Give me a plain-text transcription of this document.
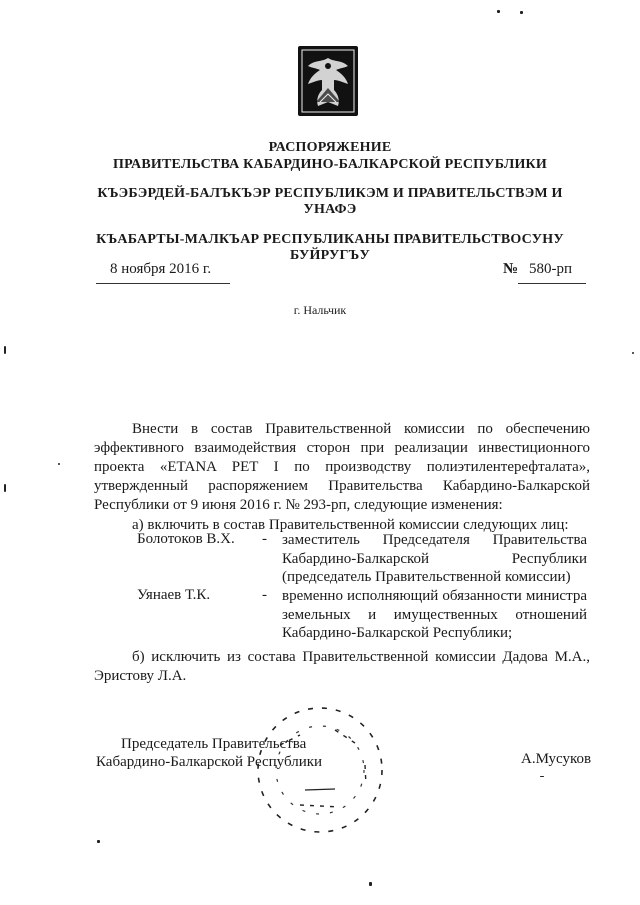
РАСПОРЯЖЕНИЕ
ПРАВИТЕЛЬСТВА КАБАРДИНО-БАЛКАРСКОЙ РЕСПУБЛИКИ
КЪЭБЭРДЕЙ-БАЛЪКЪЭР РЕСПУБЛИКЭМ И ПРАВИТЕЛЬСТВЭМ И
УНАФЭ
КЪАБАРТЫ-МАЛКЪАР РЕСПУБЛИКАНЫ ПРАВИТЕЛЬСТВОСУНУ
БУЙРУГЪУ
8 ноября 2016 г.	№ 580-рп
г. Нальчик
Внести в состав Правительственной комиссии по обеспечению эффективного взаимодействия сторон при реализации инвестиционного проекта «ETANA PET I по производству полиэтилентерефталата», утвержденный распоряжением Правительства Кабардино-Балкарской Республики от 9 июня 2016 г. № 293-рп, следующие изменения:
а) включить в состав Правительственной комиссии следующих лиц:
Болотоков В.Х. - заместитель Председателя Правительства Кабардино-Балкарской Республики (председатель Правительственной комиссии)
Уянаев Т.К.	- временно исполняющий обязанности министра земельных и имущественных отношений Кабардино-Балкарской Республики;
б) исключить из состава Правительственной комиссии Дадова М.А., Эристову Л.А.
Председатель Правительства
Кабардино-Балкарской Республики	А.Мусуков
